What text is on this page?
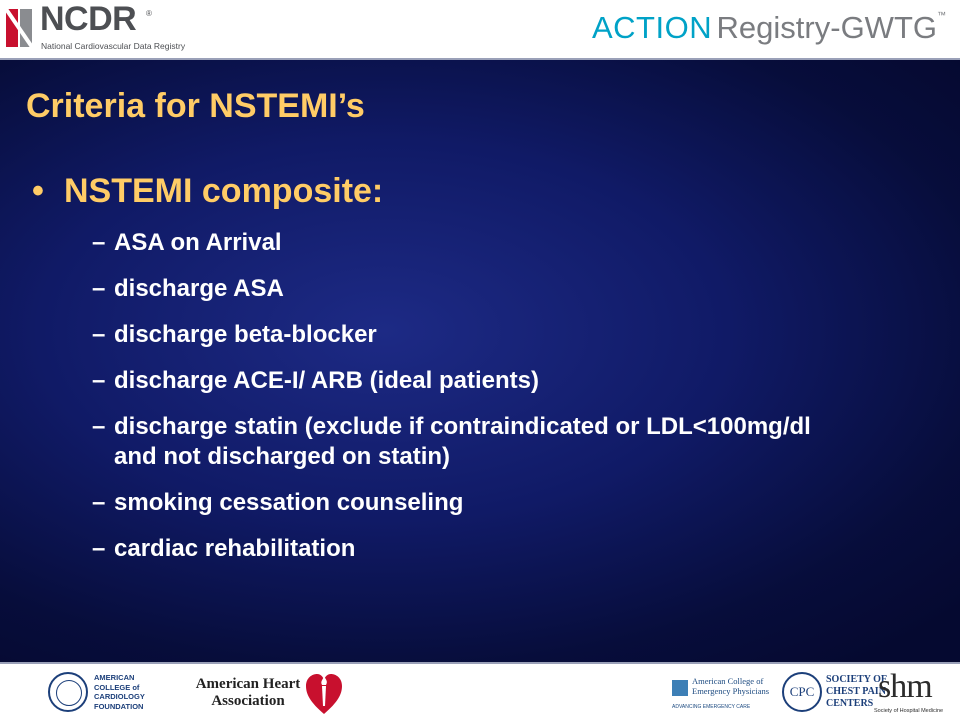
NCDR ®
National Cardiovascular Data Registry
ACTION Registry-GWTG™
Criteria for NSTEMI’s
• NSTEMI composite:
– ASA on Arrival
– discharge ASA
– discharge beta-blocker
– discharge ACE-I/ ARB (ideal patients)
– discharge statin (exclude if contraindicated or LDL<100mg/dl and not discharged on statin)
– smoking cessation counseling
– cardiac rehabilitation
AMERICAN
COLLEGE of
CARDIOLOGY
FOUNDATION
American Heart
Association
American College of
Emergency Physicians
ADVANCING EMERGENCY CARE
CPC
SOCIETY OF
CHEST PAIN
CENTERS shm
Society of Hospital Medicine
